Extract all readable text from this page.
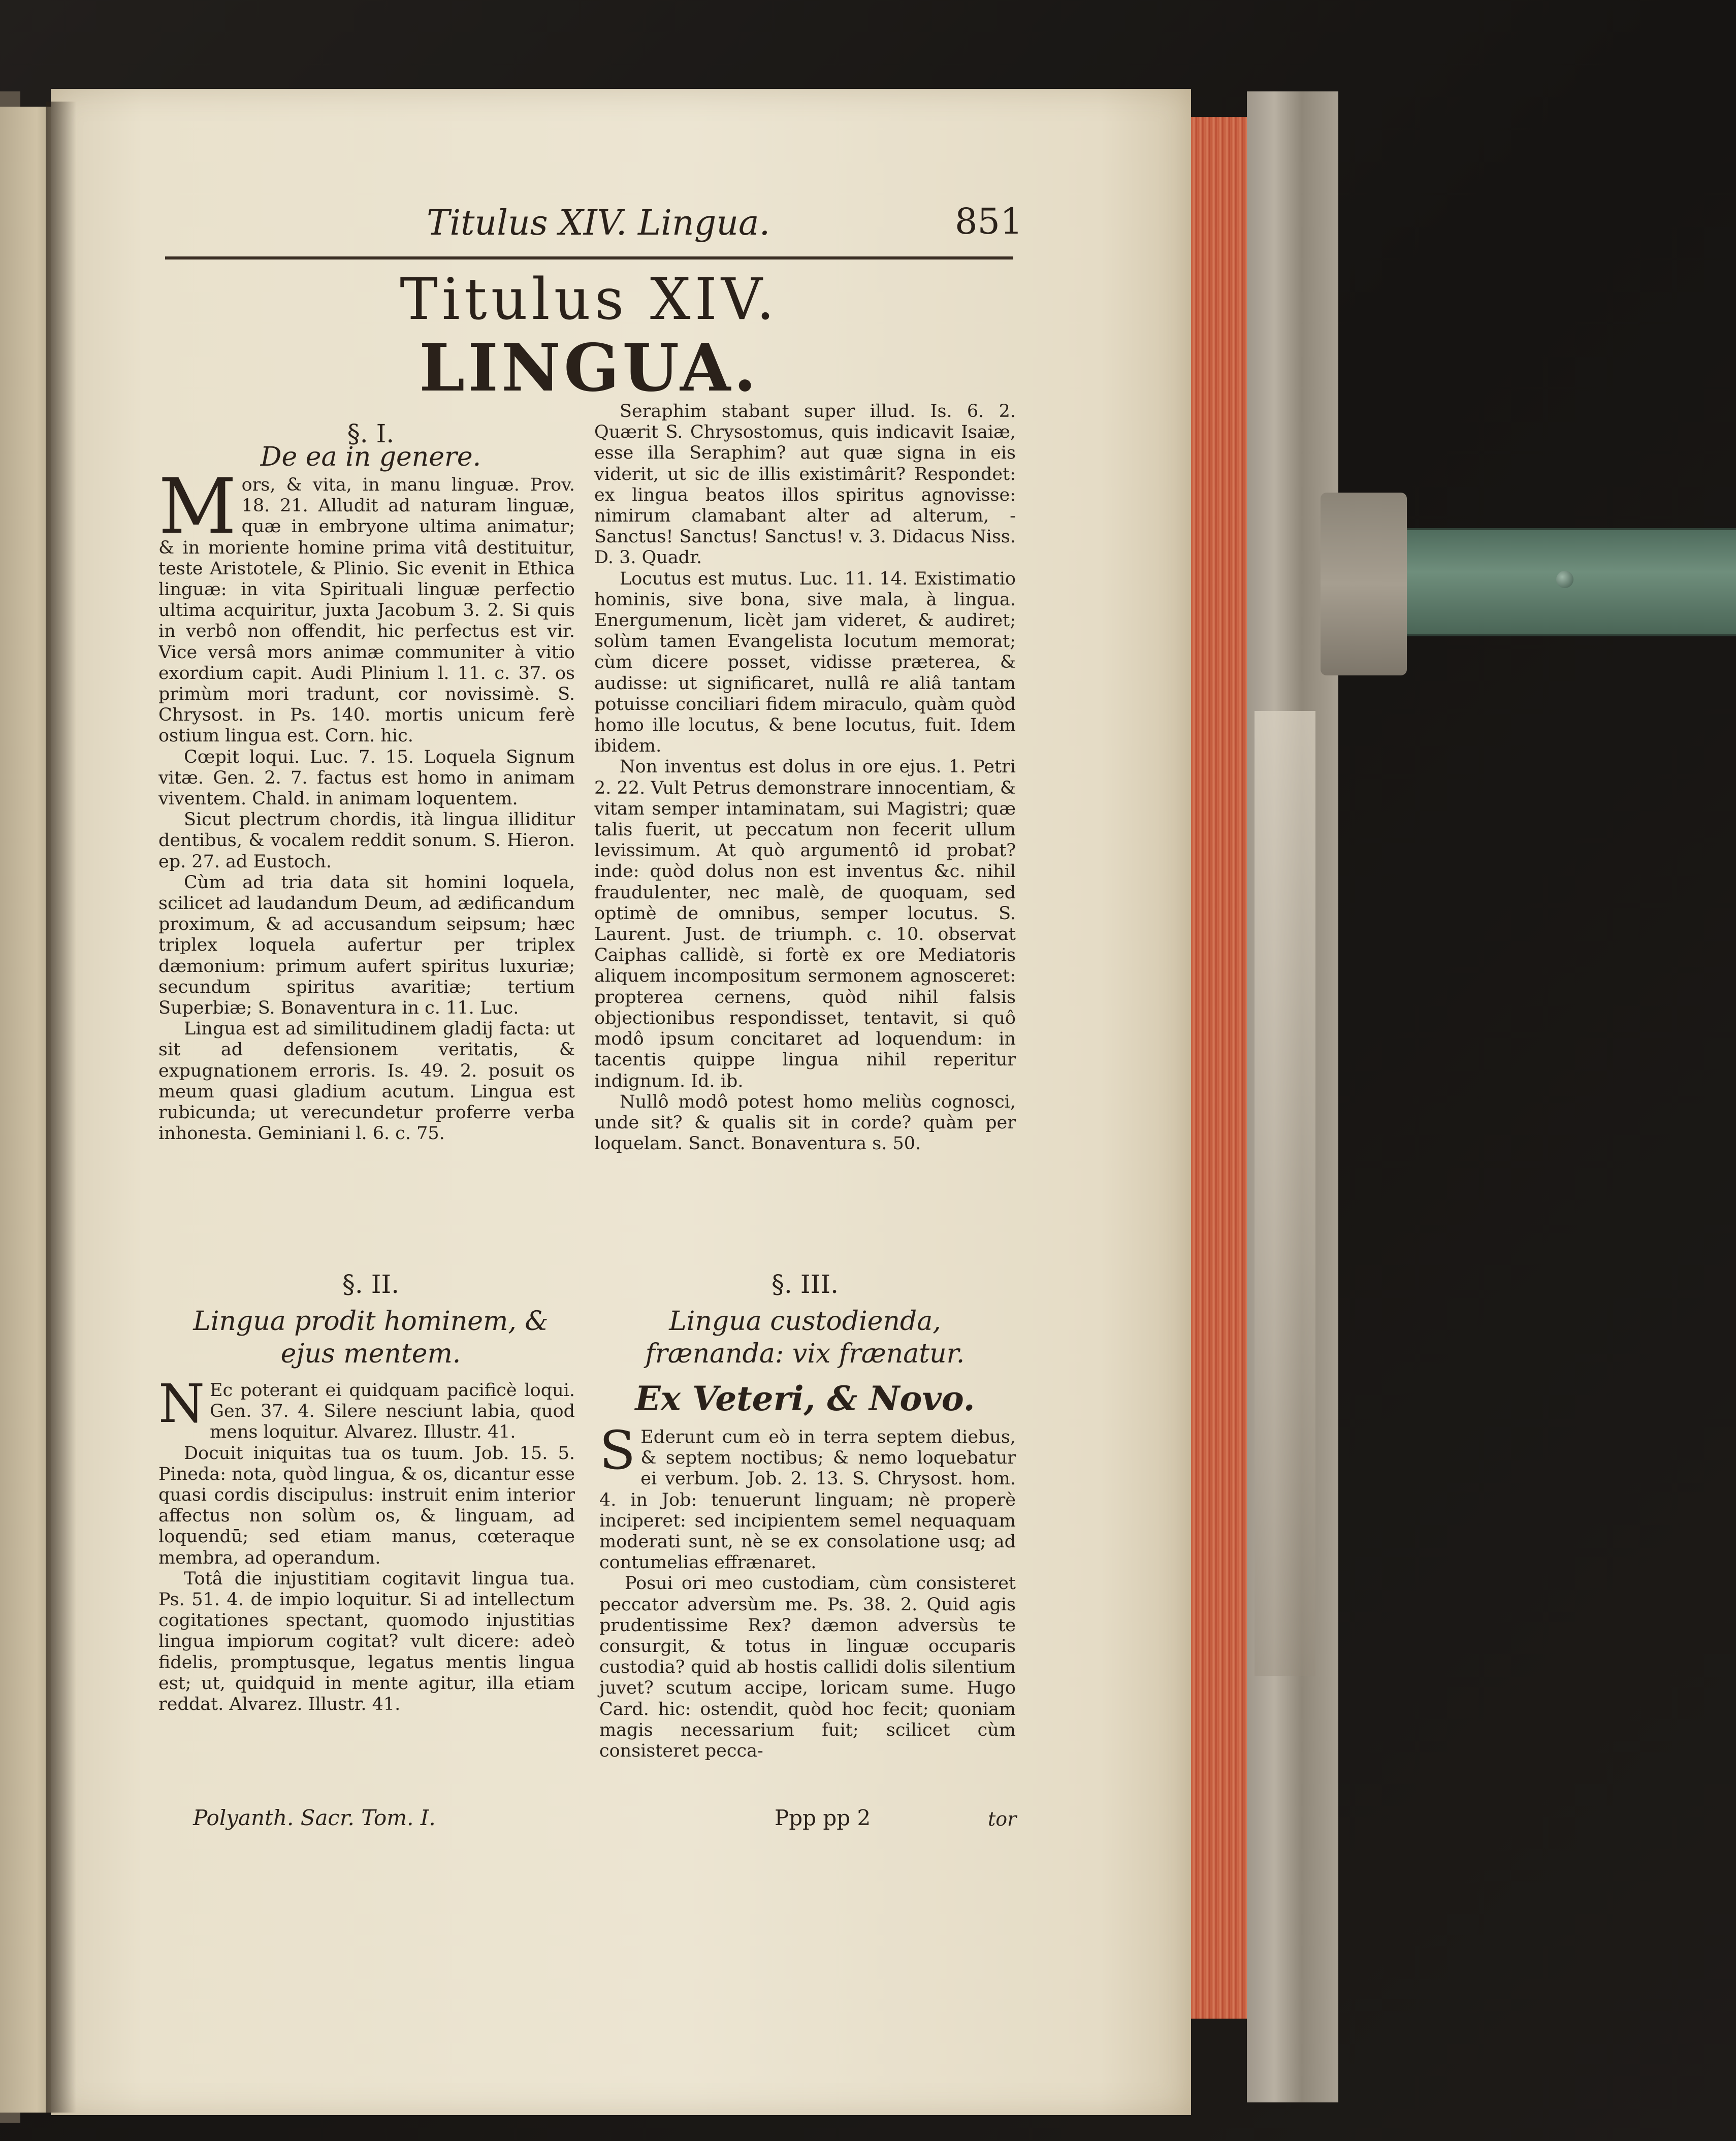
Titulus XIV. Lingua.	851
Titulus XIV.
LINGUA.
§. I.
De ea in genere.
M ors, & vita, in manu linguæ. Prov. 18. 21. Alludit ad naturam linguæ, quæ in embryone ultima animatur; & in moriente homine prima vitâ destituitur, teste Aristotele, & Plinio. Sic evenit in Ethica linguæ: in vita Spirituali linguæ perfectio ultima acquiritur, juxta Jacobum 3. 2. Si quis in verbô non offendit, hic perfectus est vir. Vice versâ mors animæ communiter à vitio exordium capit. Audi Plinium l. 11. c. 37. os primùm mori tradunt, cor novissimè. S. Chrysost. in Ps. 140. mortis unicum ferè ostium lingua est. Corn. hic.

Cœpit loqui. Luc. 7. 15. Loquela Signum vitæ. Gen. 2. 7. factus est homo in animam viventem. Chald. in animam loquentem.

Sicut plectrum chordis, ità lingua illiditur dentibus, & vocalem reddit sonum. S. Hieron. ep. 27. ad Eustoch.

Cùm ad tria data sit homini loquela, scilicet ad laudandum Deum, ad ædificandum proximum, & ad accusandum seipsum; hæc triplex loquela aufertur per triplex dæmonium: primum aufert spiritus luxuriæ; secundum spiritus avaritiæ; tertium Superbiæ; S. Bonaventura in c. 11. Luc.

Lingua est ad similitudinem gladij facta: ut sit ad defensionem veritatis, & expugnationem erroris. Is. 49. 2. posuit os meum quasi gladium acutum. Lingua est rubicunda; ut verecundetur proferre verba inhonesta. Geminiani l. 6. c. 75.

§. II.
Lingua prodit hominem, & ejus mentem.
N Ec poterant ei quidquam pacificè loqui. Gen. 37. 4. Silere nesciunt labia, quod mens loquitur. Alvarez. Illustr. 41.

Docuit iniquitas tua os tuum. Job. 15. 5. Pineda: nota, quòd lingua, & os, dicantur esse quasi cordis discipulus: instruit enim interior affectus non solùm os, & linguam, ad loquendū; sed etiam manus, cœteraque membra, ad operandum.

Totâ die injustitiam cogitavit lingua tua. Ps. 51. 4. de impio loquitur. Si ad intellectum cogitationes spectant, quomodo injustitias lingua impiorum cogitat? vult dicere: adeò fidelis, promptusque, legatus mentis lingua est; ut, quidquid in mente agitur, illa etiam reddat. Alvarez. Illustr. 41.

Seraphim stabant super illud. Is. 6. 2. Quærit S. Chrysostomus, quis indicavit Isaiæ, esse illa Seraphim? aut quæ signa in eis viderit, ut sic de illis existimârit? Respondet: ex lingua beatos illos spiritus agnovisse: nimirum clamabant alter ad alterum, - Sanctus! Sanctus! Sanctus! v. 3. Didacus Niss. D. 3. Quadr.

Locutus est mutus. Luc. 11. 14. Existimatio hominis, sive bona, sive mala, à lingua. Energumenum, licèt jam videret, & audiret; solùm tamen Evangelista locutum memorat; cùm dicere posset, vidisse præterea, & audisse: ut significaret, nullâ re aliâ tantam potuisse conciliari fidem miraculo, quàm quòd homo ille locutus, & bene locutus, fuit. Idem ibidem.

Non inventus est dolus in ore ejus. 1. Petri 2. 22. Vult Petrus demonstrare innocentiam, & vitam semper intaminatam, sui Magistri; quæ talis fuerit, ut peccatum non fecerit ullum levissimum. At quò argumentô id probat? inde: quòd dolus non est inventus &c. nihil fraudulenter, nec malè, de quoquam, sed optimè de omnibus, semper locutus. S. Laurent. Just. de triumph. c. 10. observat Caiphas callidè, si fortè ex ore Mediatoris aliquem incompositum sermonem agnosceret: propterea cernens, quòd nihil falsis objectionibus respondisset, tentavit, si quô modô ipsum concitaret ad loquendum: in tacentis quippe lingua nihil reperitur indignum. Id. ib.

Nullô modô potest homo meliùs cognosci, unde sit? & qualis sit in corde? quàm per loquelam. Sanct. Bonaventura s. 50.

§. III.
Lingua custodienda, frænanda: vix frænatur.
Ex Veteri, & Novo.
S Ederunt cum eò in terra septem diebus, & septem noctibus; & nemo loquebatur ei verbum. Job. 2. 13. S. Chrysost. hom. 4. in Job: tenuerunt linguam; nè properè inciperet: sed incipientem semel nequaquam moderati sunt, nè se ex consolatione usq; ad contumelias effrænaret.

Posui ori meo custodiam, cùm consisteret peccator adversùm me. Ps. 38. 2. Quid agis prudentissime Rex? dæmon adversùs te consurgit, & totus in linguæ occuparis custodia? quid ab hostis callidi dolis silentium juvet? scutum accipe, loricam sume. Hugo Card. hic: ostendit, quòd hoc fecit; quoniam magis necessarium fuit; scilicet cùm consisteret pecca-

Polyanth. Sacr. Tom. I.	Ppp pp 2	tor
